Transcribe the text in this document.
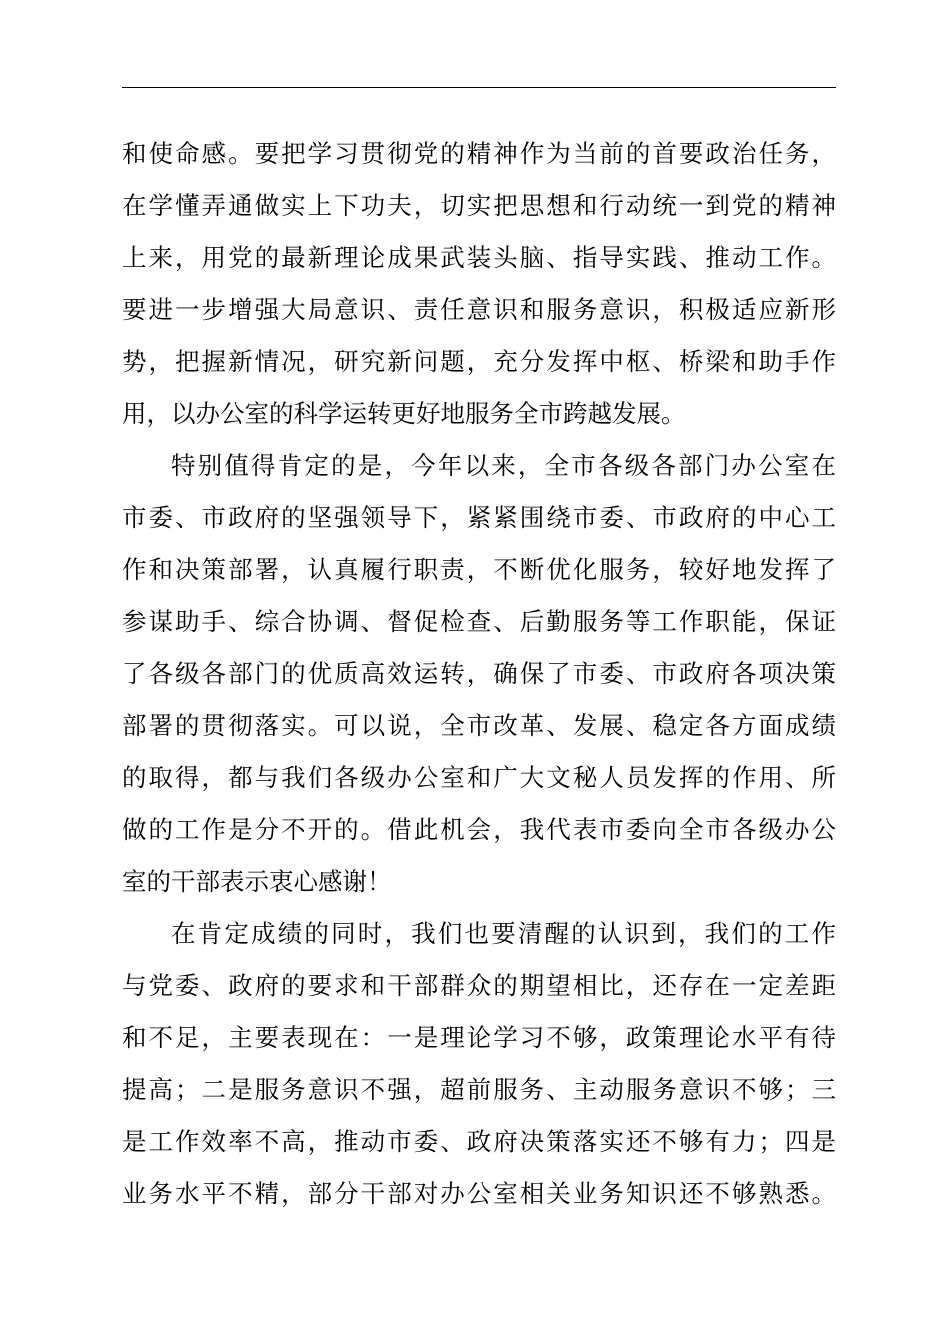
和使命感。要把学习贯彻党的精神作为当前的首要政治任务，
在学懂弄通做实上下功夫，切实把思想和行动统一到党的精神
上来，用党的最新理论成果武装头脑、指导实践、推动工作。
要进一步增强大局意识、责任意识和服务意识，积极适应新形
势，把握新情况，研究新问题，充分发挥中枢、桥梁和助手作
用，以办公室的科学运转更好地服务全市跨越发展。
特别值得肯定的是，今年以来，全市各级各部门办公室在
市委、市政府的坚强领导下，紧紧围绕市委、市政府的中心工
作和决策部署，认真履行职责，不断优化服务，较好地发挥了
参谋助手、综合协调、督促检查、后勤服务等工作职能，保证
了各级各部门的优质高效运转，确保了市委、市政府各项决策
部署的贯彻落实。可以说，全市改革、发展、稳定各方面成绩
的取得，都与我们各级办公室和广大文秘人员发挥的作用、所
做的工作是分不开的。借此机会，我代表市委向全市各级办公
室的干部表示衷心感谢！
在肯定成绩的同时，我们也要清醒的认识到，我们的工作
与党委、政府的要求和干部群众的期望相比，还存在一定差距
和不足，主要表现在：一是理论学习不够，政策理论水平有待
提高；二是服务意识不强，超前服务、主动服务意识不够；三
是工作效率不高，推动市委、政府决策落实还不够有力；四是
业务水平不精，部分干部对办公室相关业务知识还不够熟悉。
